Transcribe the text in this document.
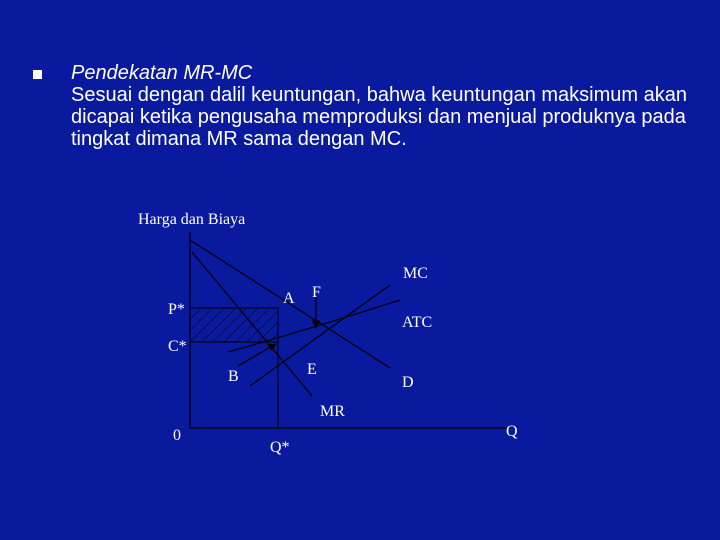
Pendekatan MR-MC
Sesuai dengan dalil keuntungan, bahwa keuntungan maksimum akan dicapai ketika pengusaha memproduksi dan menjual produknya pada tingkat dimana MR sama dengan MC.
Harga dan Biaya
MC
A F
P*
ATC
C*
B	E
D
MR
0	Q
Q*
